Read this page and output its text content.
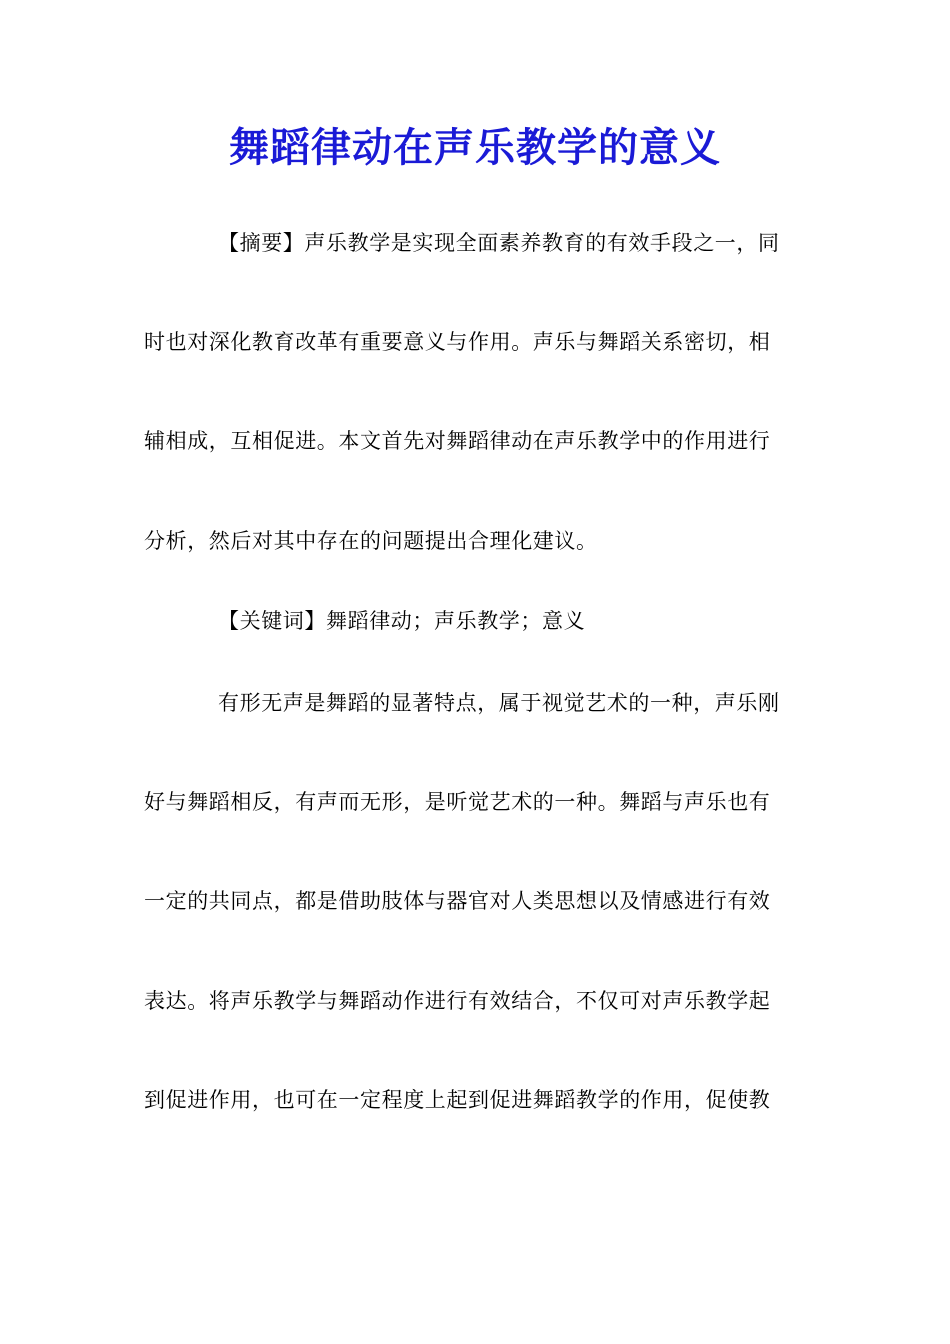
舞蹈律动在声乐教学的意义
【摘要】声乐教学是实现全面素养教育的有效手段之一，同
时也对深化教育改革有重要意义与作用。声乐与舞蹈关系密切，相
辅相成，互相促进。本文首先对舞蹈律动在声乐教学中的作用进行
分析，然后对其中存在的问题提出合理化建议。
【关键词】舞蹈律动；声乐教学；意义
有形无声是舞蹈的显著特点，属于视觉艺术的一种，声乐刚
好与舞蹈相反，有声而无形，是听觉艺术的一种。舞蹈与声乐也有
一定的共同点，都是借助肢体与器官对人类思想以及情感进行有效
表达。将声乐教学与舞蹈动作进行有效结合，不仅可对声乐教学起
到促进作用，也可在一定程度上起到促进舞蹈教学的作用，促使教
